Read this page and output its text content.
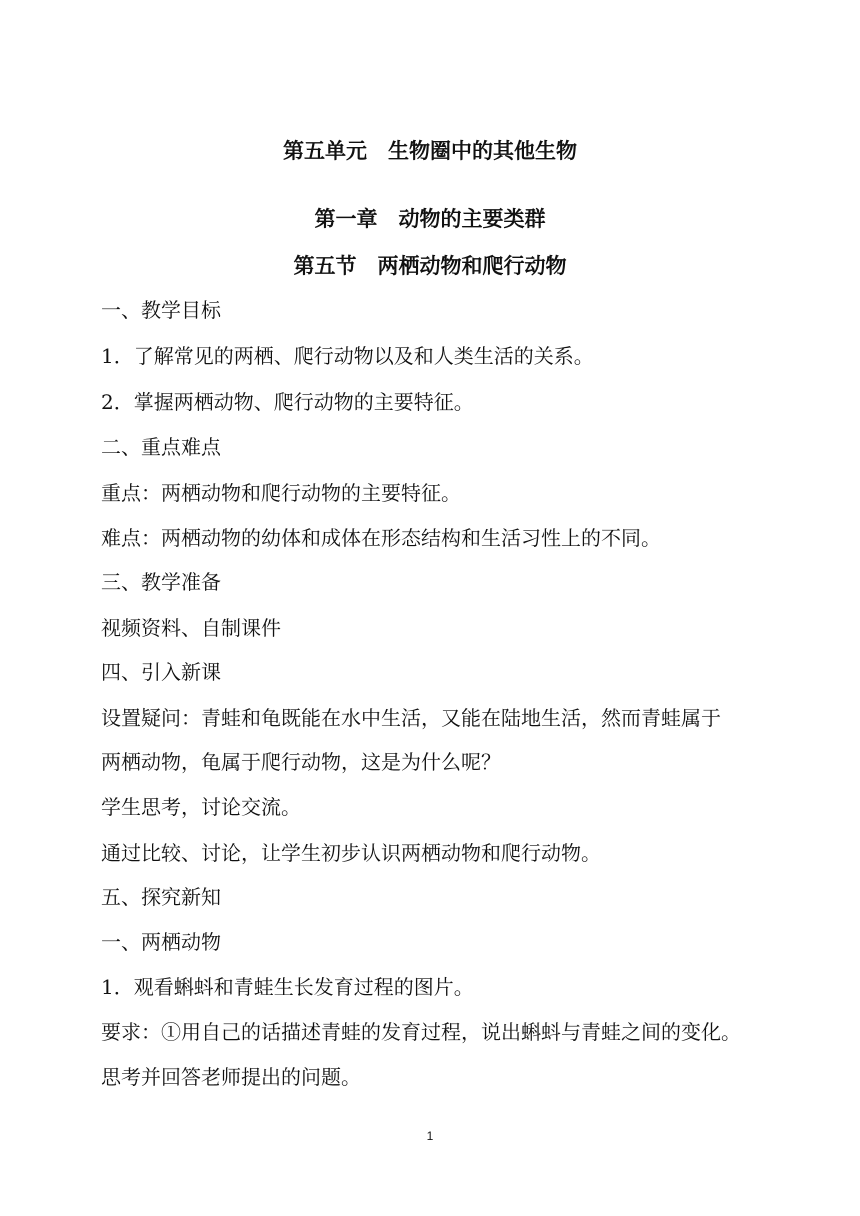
第五单元　生物圈中的其他生物
第一章　动物的主要类群
第五节　两栖动物和爬行动物
一、教学目标
1．了解常见的两栖、爬行动物以及和人类生活的关系。
2．掌握两栖动物、爬行动物的主要特征。
二、重点难点
重点：两栖动物和爬行动物的主要特征。
难点：两栖动物的幼体和成体在形态结构和生活习性上的不同。
三、教学准备
视频资料、自制课件
四、引入新课
设置疑问：青蛙和龟既能在水中生活，又能在陆地生活，然而青蛙属于
两栖动物，龟属于爬行动物，这是为什么呢？
学生思考，讨论交流。
通过比较、讨论，让学生初步认识两栖动物和爬行动物。
五、探究新知
一、两栖动物
1．观看蝌蚪和青蛙生长发育过程的图片。
要求：①用自己的话描述青蛙的发育过程，说出蝌蚪与青蛙之间的变化。
思考并回答老师提出的问题。
1
